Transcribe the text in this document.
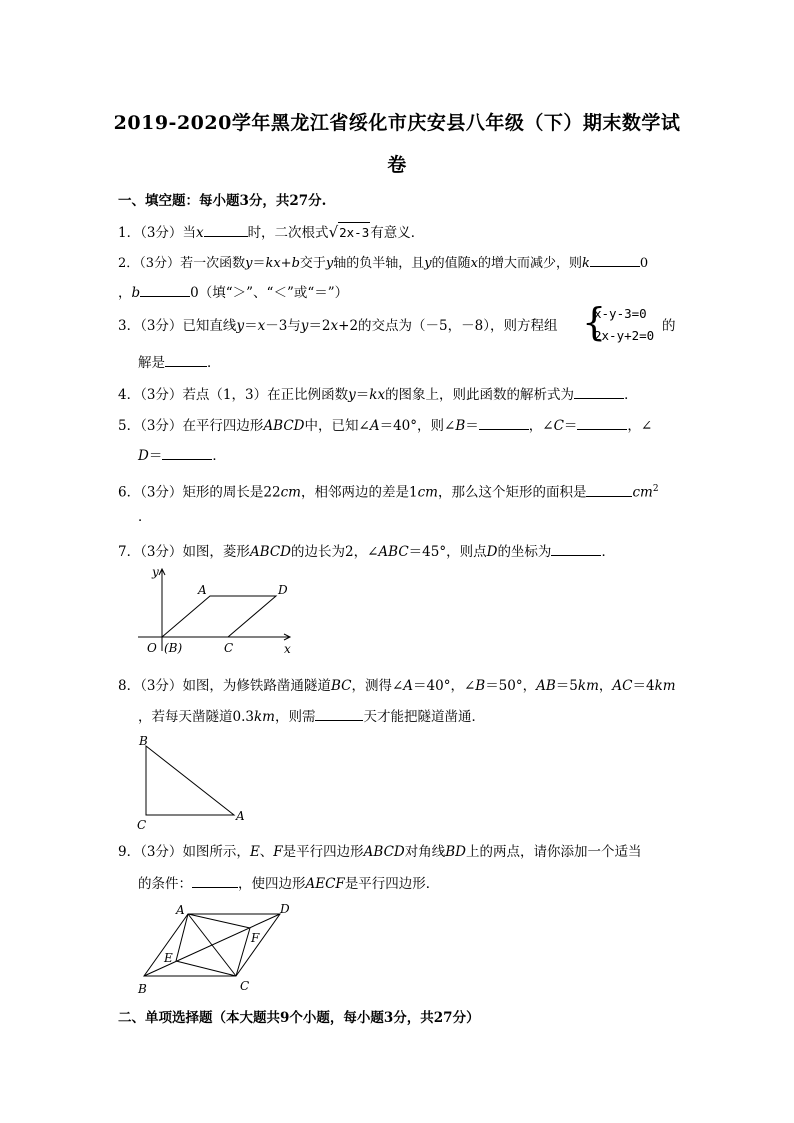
2019-2020学年黑龙江省绥化市庆安县八年级（下）期末数学试
卷
一、填空题：每小题3分，共27分.
1．（3分）当x	时，二次根式√2x-3有意义．
2．（3分）若一次函数y＝kx+b交于y轴的负半轴，且y的值随x的增大而减少，则k	0
，b	0（填“＞”、“＜”或“＝”）
3．（3分）已知直线y＝x－3与y＝2x+2的交点为（－5，－8），则方程组 {
x-y-3=0
2x-y+2=0
的
解是	．
4．（3分）若点（1，3）在正比例函数y＝kx的图象上，则此函数的解析式为	．
5．（3分）在平行四边形ABCD中，已知∠A＝40°，则∠B＝	，∠C＝	，∠
D＝	．
6．（3分）矩形的周长是22cm，相邻两边的差是1cm，那么这个矩形的面积是	$cm^2$
．
7．（3分）如图，菱形ABCD的边长为2，∠ABC＝45°，则点D的坐标为	．
y
x
A	D
O (B)	C
8．（3分）如图，为修铁路凿通隧道BC，测得∠A＝40°，∠B＝50°，AB＝5km，AC＝4km
，若每天凿隧道0.3km，则需	天才能把隧道凿通．
B
C
A
9．（3分）如图所示，E、F是平行四边形ABCD对角线BD上的两点，请你添加一个适当
的条件：	，使四边形AECF是平行四边形．
A	D
F
E
B	C
二、单项选择题（本大题共9个小题，每小题3分，共27分）
